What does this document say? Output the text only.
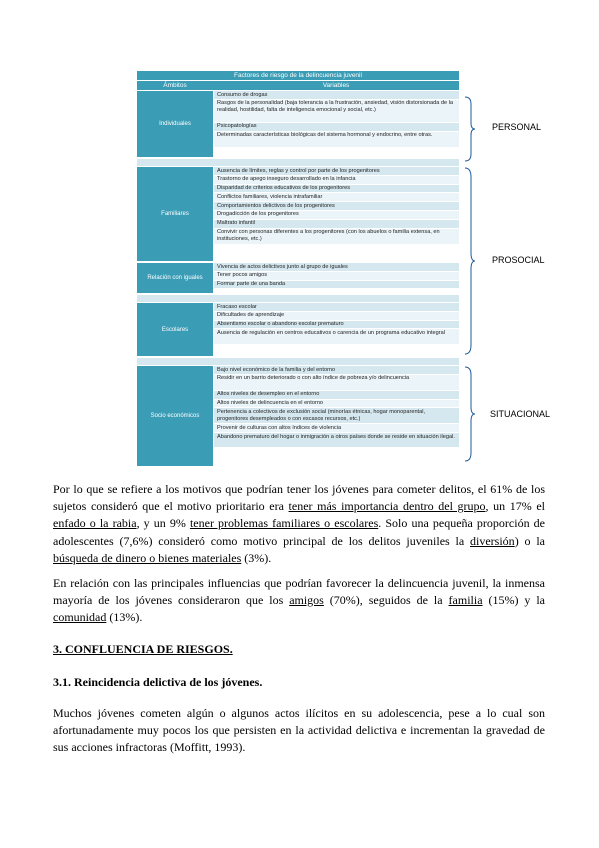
Factores de riesgo de la delincuencia juvenil
Ámbitos	Variables
Individuales
Consumo de drogas
Rasgos de la personalidad (baja tolerancia a la frustración, ansiedad, visión distorsionada de la realidad, hostilidad, falta de inteligencia emocional y social, etc.)
Psicopatologías
Determinadas características biológicas del sistema hormonal y endocrino, entre otras.
Familiares
Ausencia de límites, reglas y control por parte de los progenitores
Trastorno de apego inseguro desarrollado en la infancia
Disparidad de criterios educativos de los progenitores
Conflictos familiares, violencia intrafamiliar
Comportamientos delictivos de los progenitores
Drogadicción de los progenitores
Maltrato infantil
Convivir con personas diferentes a los progenitores (con los abuelos o familia extensa, en instituciones, etc.)
Relación con iguales
Vivencia de actos delictivos junto al grupo de iguales
Tener pocos amigos
Formar parte de una banda
Escolares
Fracaso escolar
Dificultades de aprendizaje
Absentismo escolar o abandono escolar prematuro
Ausencia de regulación en centros educativos o carencia de un programa educativo integral
Socio económicos
Bajo nivel económico de la familia y del entorno
Residir en un barrio deteriorado o con alto índice de pobreza y/o delincuencia
Altos niveles de desempleo en el entorno
Altos niveles de delincuencia en el entorno
Pertenencia a colectivos de exclusión social (minorías étnicas, hogar monoparental, progenitores desempleados o con escasos recursos, etc.)
Provenir de culturas con altos índices de violencia
Abandono prematuro del hogar o inmigración a otros países donde se reside en situación ilegal.
PERSONAL
PROSOCIAL
SITUACIONAL
Por lo que se refiere a los motivos que podrían tener los jóvenes para cometer delitos, el 61% de los sujetos consideró que el motivo prioritario era tener más importancia dentro del grupo, un 17% el enfado o la rabia, y un 9% tener problemas familiares o escolares. Solo una pequeña proporción de adolescentes (7,6%) consideró como motivo principal de los delitos juveniles la diversión) o la búsqueda de dinero o bienes materiales (3%).
En relación con las principales influencias que podrían favorecer la delincuencia juvenil, la inmensa mayoría de los jóvenes consideraron que los amigos (70%), seguidos de la familia (15%) y la comunidad (13%).
3. CONFLUENCIA DE RIESGOS.
3.1. Reincidencia delictiva de los jóvenes.
Muchos jóvenes cometen algún o algunos actos ilícitos en su adolescencia, pese a lo cual son afortunadamente muy pocos los que persisten en la actividad delictiva e incrementan la gravedad de sus acciones infractoras (Moffitt, 1993).
